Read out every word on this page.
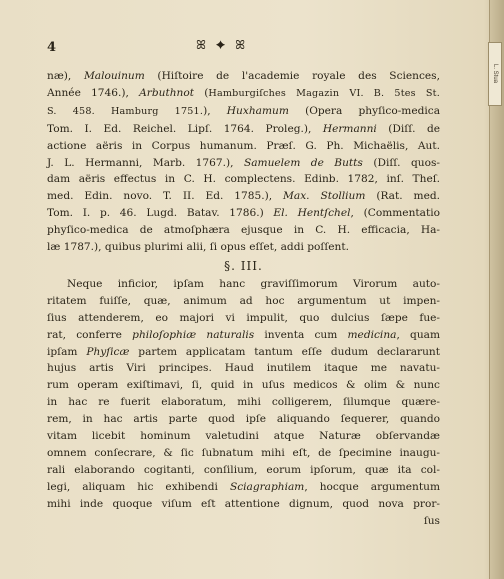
L. Stua
4	ꕤ ✦ ꕤ
næ), Malouinum (Hiſtoire de l'academie royale des Sciences,
Année 1746.), Arbuthnot (Hamburgiſches Magazin VI. B. 5tes St.
S. 458. Hamburg 1751.), Huxhamum (Opera phyſico-medica
Tom. I. Ed. Reichel. Lipſ. 1764. Proleg.), Hermanni (Diſſ. de
actione aëris in Corpus humanum. Præſ. G. Ph. Michaëlis, Aut.
J. L. Hermanni, Marb. 1767.), Samuelem de Butts (Diſſ. quos-
dam aëris effectus in C. H. complectens. Edinb. 1782, inſ. Theſ.
med. Edin. novo. T. II. Ed. 1785.), Max. Stollium (Rat. med.
Tom. I. p. 46. Lugd. Batav. 1786.) El. Hentſchel, (Commentatio
phyſico-medica de atmoſphæra ejusque in C. H. efficacia, Ha-
læ 1787.), quibus plurimi alii, ſi opus eſſet, addi poſſent.
§. III.
Neque inficior, ipſam hanc graviſſimorum Virorum auto-
ritatem fuiſſe, quæ, animum ad hoc argumentum ut impen-
ſius attenderem, eo majori vi impulit, quo dulcius ſæpe fue-
rat, conferre philoſophiæ naturalis inventa cum medicina, quam
ipſam Phyſicæ partem applicatam tantum eſſe dudum declararunt
hujus artis Viri principes. Haud inutilem itaque me navatu-
rum operam exiſtimavi, ſi, quid in uſus medicos & olim & nunc
in hac re fuerit elaboratum, mihi colligerem, ſilumque quære-
rem, in hac artis parte quod ipſe aliquando ſequerer, quando
vitam licebit hominum valetudini atque Naturæ obſervandæ
omnem conſecrare, & ſic ſubnatum mihi eſt, de ſpecimine inaugu-
rali elaborando cogitanti, conſilium, eorum ipſorum, quæ ita col-
legi, aliquam hic exhibendi Sciagraphiam, hocque argumentum
mihi inde quoque viſum eſt attentione dignum, quod nova pror-
ſus
